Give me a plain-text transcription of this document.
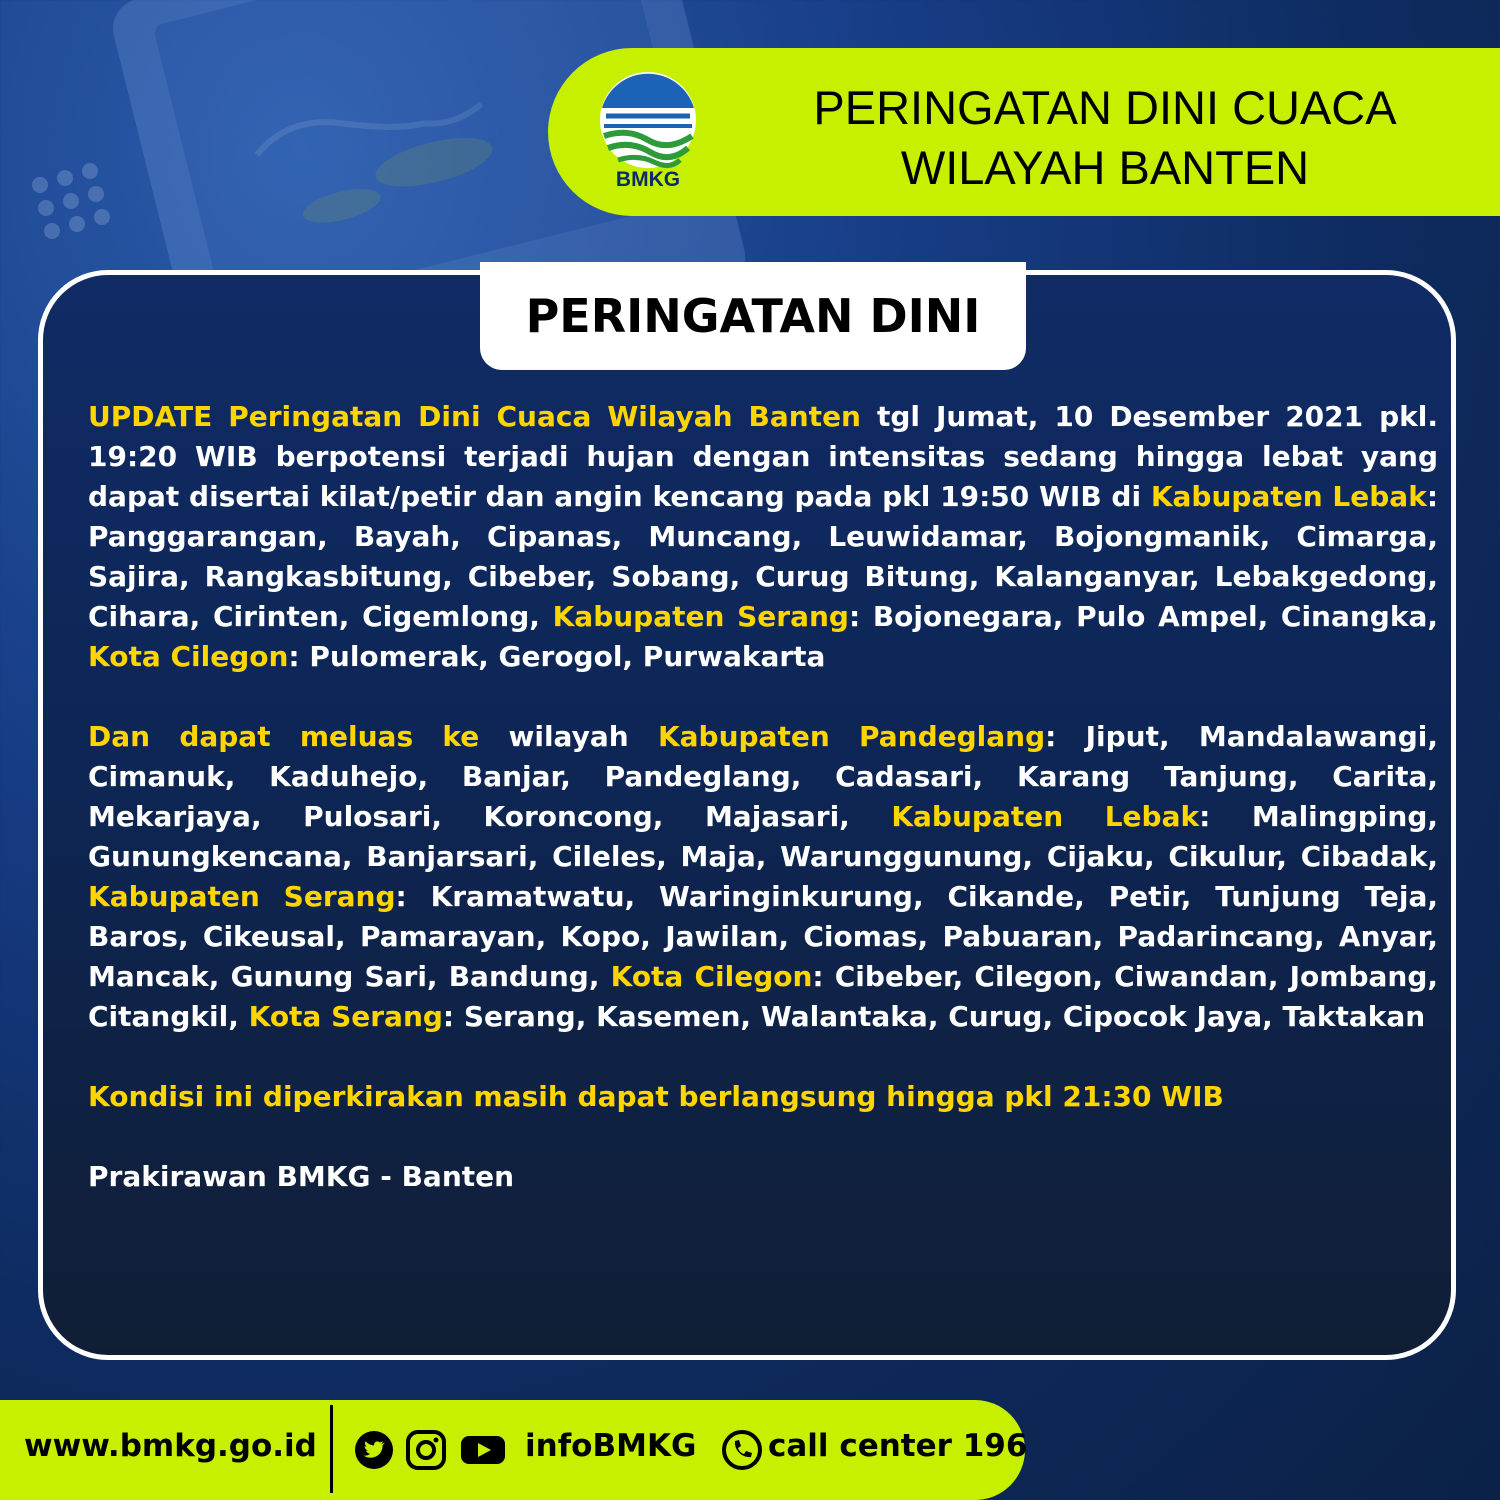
BMKG
PERINGATAN DINI CUACA
WILAYAH BANTEN
PERINGATAN DINI

UPDATE Peringatan Dini Cuaca Wilayah Banten tgl Jumat, 10 Desember 2021 pkl. 19:20 WIB berpotensi terjadi hujan dengan intensitas sedang hingga lebat yang dapat disertai kilat/petir dan angin kencang pada pkl 19:50 WIB di Kabupaten Lebak: Panggarangan, Bayah, Cipanas, Muncang, Leuwidamar, Bojongmanik, Cimarga, Sajira, Rangkasbitung, Cibeber, Sobang, Curug Bitung, Kalanganyar, Lebakgedong, Cihara, Cirinten, Cigemlong, Kabupaten Serang: Bojonegara, Pulo Ampel, Cinangka, Kota Cilegon: Pulomerak, Gerogol, Purwakarta

Dan dapat meluas ke wilayah Kabupaten Pandeglang: Jiput, Mandalawangi, Cimanuk, Kaduhejo, Banjar, Pandeglang, Cadasari, Karang Tanjung, Carita, Mekarjaya, Pulosari, Koroncong, Majasari, Kabupaten Lebak: Malingping, Gunungkencana, Banjarsari, Cileles, Maja, Warunggunung, Cijaku, Cikulur, Cibadak, Kabupaten Serang: Kramatwatu, Waringinkurung, Cikande, Petir, Tunjung Teja, Baros, Cikeusal, Pamarayan, Kopo, Jawilan, Ciomas, Pabuaran, Padarincang, Anyar, Mancak, Gunung Sari, Bandung, Kota Cilegon: Cibeber, Cilegon, Ciwandan, Jombang, Citangkil, Kota Serang: Serang, Kasemen, Walantaka, Curug, Cipocok Jaya, Taktakan

Kondisi ini diperkirakan masih dapat berlangsung hingga pkl 21:30 WIB

Prakirawan BMKG - Banten

www.bmkg.go.id	infoBMKG call center 196
